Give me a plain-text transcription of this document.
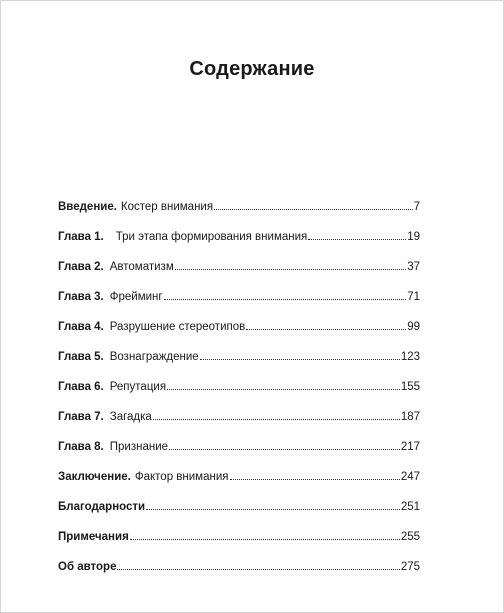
Содержание
Введение. Костер внимания	7
Глава 1. Три этапа формирования внимания	19
Глава 2. Автоматизм	37
Глава 3. Фрейминг	71
Глава 4. Разрушение стереотипов	99
Глава 5. Вознаграждение	123
Глава 6. Репутация	155
Глава 7. Загадка	187
Глава 8. Признание	217
Заключение. Фактор внимания	247
Благодарности	251
Примечания	255
Об авторе	275
